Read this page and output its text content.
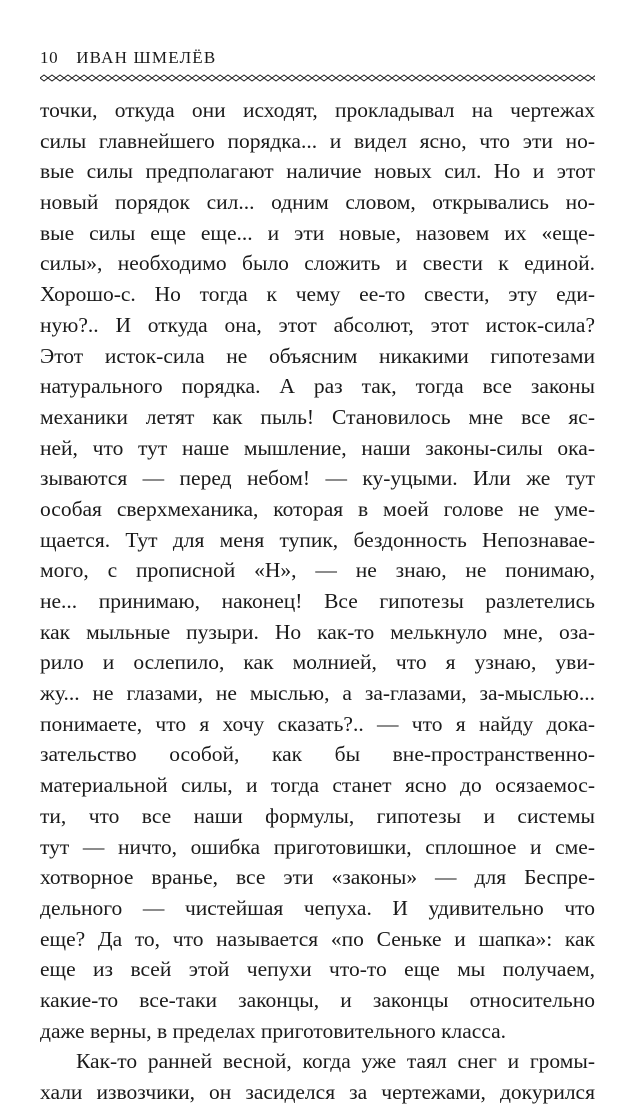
10 ИВАН ШМЕЛЁВ
точки, откуда они исходят, прокладывал на чертежах
силы главнейшего порядка... и видел ясно, что эти но-
вые силы предполагают наличие новых сил. Но и этот
новый порядок сил... одним словом, открывались но-
вые силы еще еще... и эти новые, назовем их «еще-
силы», необходимо было сложить и свести к единой.
Хорошо-с. Но тогда к чему ее-то свести, эту еди-
ную?.. И откуда она, этот абсолют, этот исток-сила?
Этот исток-сила не объясним никакими гипотезами
натурального порядка. А раз так, тогда все законы
механики летят как пыль! Становилось мне все яс-
ней, что тут наше мышление, наши законы-силы ока-
зываются — перед небом! — ку-уцыми. Или же тут
особая сверхмеханика, которая в моей голове не уме-
щается. Тут для меня тупик, бездонность Непознавае-
мого, с прописной «Н», — не знаю, не понимаю,
не... принимаю, наконец! Все гипотезы разлетелись
как мыльные пузыри. Но как-то мелькнуло мне, оза-
рило и ослепило, как молнией, что я узнаю, уви-
жу... не глазами, не мыслью, а за-глазами, за-мыслью...
понимаете, что я хочу сказать?.. — что я найду дока-
зательство особой, как бы вне-пространственно-
материальной силы, и тогда станет ясно до осязаемос-
ти, что все наши формулы, гипотезы и системы
тут — ничто, ошибка приготовишки, сплошное и сме-
хотворное вранье, все эти «законы» — для Беспре-
дельного — чистейшая чепуха. И удивительно что
еще? Да то, что называется «по Сеньке и шапка»: как
еще из всей этой чепухи что-то еще мы получаем,
какие-то все-таки законцы, и законцы относительно
даже верны, в пределах приготовительного класса.
Как-то ранней весной, когда уже таял снег и громы-
хали извозчики, он засиделся за чертежами, докурился
